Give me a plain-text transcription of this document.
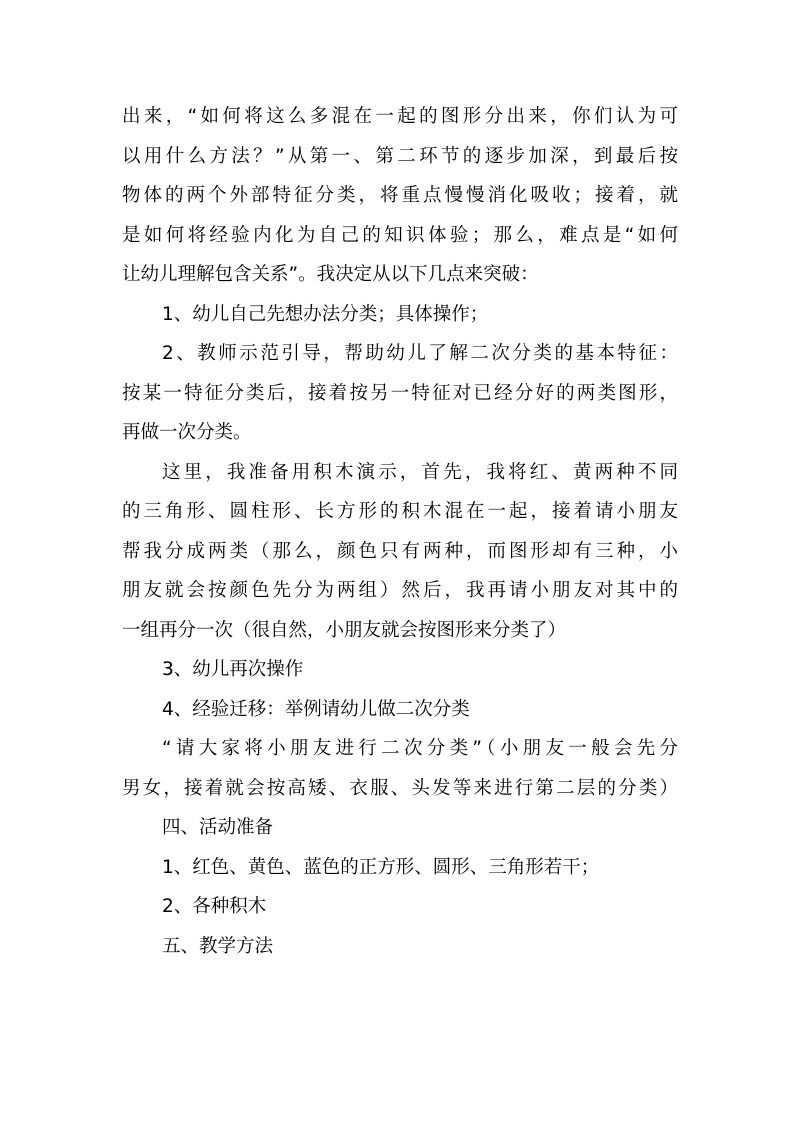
出来，“如何将这么多混在一起的图形分出来，你们认为可
以用什么方法？”从第一、第二环节的逐步加深，到最后按
物体的两个外部特征分类，将重点慢慢消化吸收；接着，就
是如何将经验内化为自己的知识体验；那么，难点是“如何
让幼儿理解包含关系”。我决定从以下几点来突破：
1、幼儿自己先想办法分类；具体操作；
2、教师示范引导，帮助幼儿了解二次分类的基本特征：
按某一特征分类后，接着按另一特征对已经分好的两类图形，
再做一次分类。
这里，我准备用积木演示，首先，我将红、黄两种不同
的三角形、圆柱形、长方形的积木混在一起，接着请小朋友
帮我分成两类（那么，颜色只有两种，而图形却有三种，小
朋友就会按颜色先分为两组）然后，我再请小朋友对其中的
一组再分一次（很自然，小朋友就会按图形来分类了）
3、幼儿再次操作
4、经验迁移：举例请幼儿做二次分类
“请大家将小朋友进行二次分类”（小朋友一般会先分
男女，接着就会按高矮、衣服、头发等来进行第二层的分类）
四、活动准备
1、红色、黄色、蓝色的正方形、圆形、三角形若干；
2、各种积木
五、教学方法
